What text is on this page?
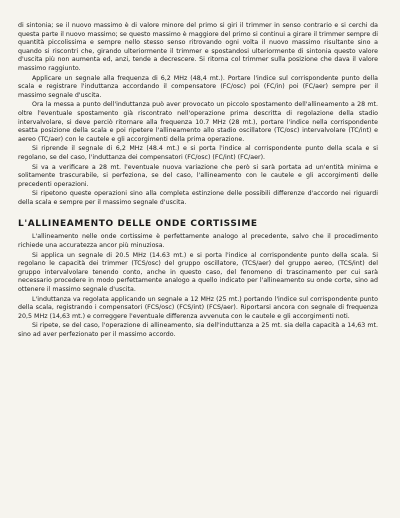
di sintonia; se il nuovo massimo è di valore minore del primo si giri il trimmer in senso contrario e si cerchi da questa parte il nuovo massimo; se questo massimo è maggiore del primo si continui a girare il trimmer sempre di quantità piccolissima e sempre nello stesso senso ritrovando ogni volta il nuovo massimo risultante sino a quando si riscontri che, girando ulteriormente il trimmer e spostandosi ulteriormente di sintonia questo valore d'uscita più non aumenta ed, anzi, tende a decrescere. Si ritorna col trimmer sulla posizione che dava il valore massimo raggiunto.

Applicare un segnale alla frequenza di 6,2 MHz (48,4 mt.). Portare l'indice sul corrispondente punto della scala e registrare l'induttanza accordando il compensatore (FC/osc) poi (FC/in) poi (FC/aer) sempre per il massimo segnale d'uscita.

Ora la messa a punto dell'induttanza può aver provocato un piccolo spostamento dell'allineamento a 28 mt. oltre l'eventuale spostamento già riscontrato nell'operazione prima descritta di regolazione della stadio intervalvolare, si deve perciò ritornare alla frequenza 10.7 MHz (28 mt.), portare l'indice nella corrispondente esatta posizione della scala e poi ripetere l'allineamento allo stadio oscillatore (TC/osc) intervalvolare (TC/int) e aereo (TC/aer) con le cautele e gli accorgimenti della prima operazione.

Si riprende il segnale di 6,2 MHz (48.4 mt.) e si porta l'indice al corrispondente punto della scala e si regolano, se del caso, l'induttanza dei compensatori (FC/osc) (FC/int) (FC/aer).

Si va a verificare a 28 mt. l'eventuale nuova variazione che però si sarà portata ad un'entità minima e solitamente trascurabile, si perfeziona, se del caso, l'allineamento con le cautele e gli accorgimenti delle precedenti operazioni.

Si ripetono queste operazioni sino alla completa estinzione delle possibili differenze d'accordo nei riguardi della scala e sempre per il massimo segnale d'uscita.

L'ALLINEAMENTO DELLE ONDE CORTISSIME

L'allineamento nelle onde cortissime è perfettamente analogo al precedente, salvo che il procedimento richiede una accuratezza ancor più minuziosa.

Si applica un segnale di 20.5 MHz (14.63 mt.) e si porta l'indice al corrispondente punto della scala. Si regolano le capacità dei trimmer (TCS/osc) del gruppo oscillatore, (TCS/aer) del gruppo aereo, (TCS/int) del gruppo intervalvolare tenendo conto, anche in questo caso, del fenomeno di trascinamento per cui sarà necessario procedere in modo perfettamente analogo a quello indicato per l'allineamento su onde corte, sino ad ottenere il massimo segnale d'uscita.

L'induttanza va regolata applicando un segnale a 12 MHz (25 mt.) portando l'indice sul corrispondente punto della scala, registrando i compensatori (FCS/osc) (FCS/int) (FCS/aer). Riportarsi ancora con segnale di frequenza 20,5 MHz (14,63 mt.) e correggere l'eventuale differenza avvenuta con le cautele e gli accorgimenti noti.

Si ripete, se del caso, l'operazione di allineamento, sia dell'induttanza a 25 mt. sia della capacità a 14,63 mt. sino ad aver perfezionato per il massimo accordo.
